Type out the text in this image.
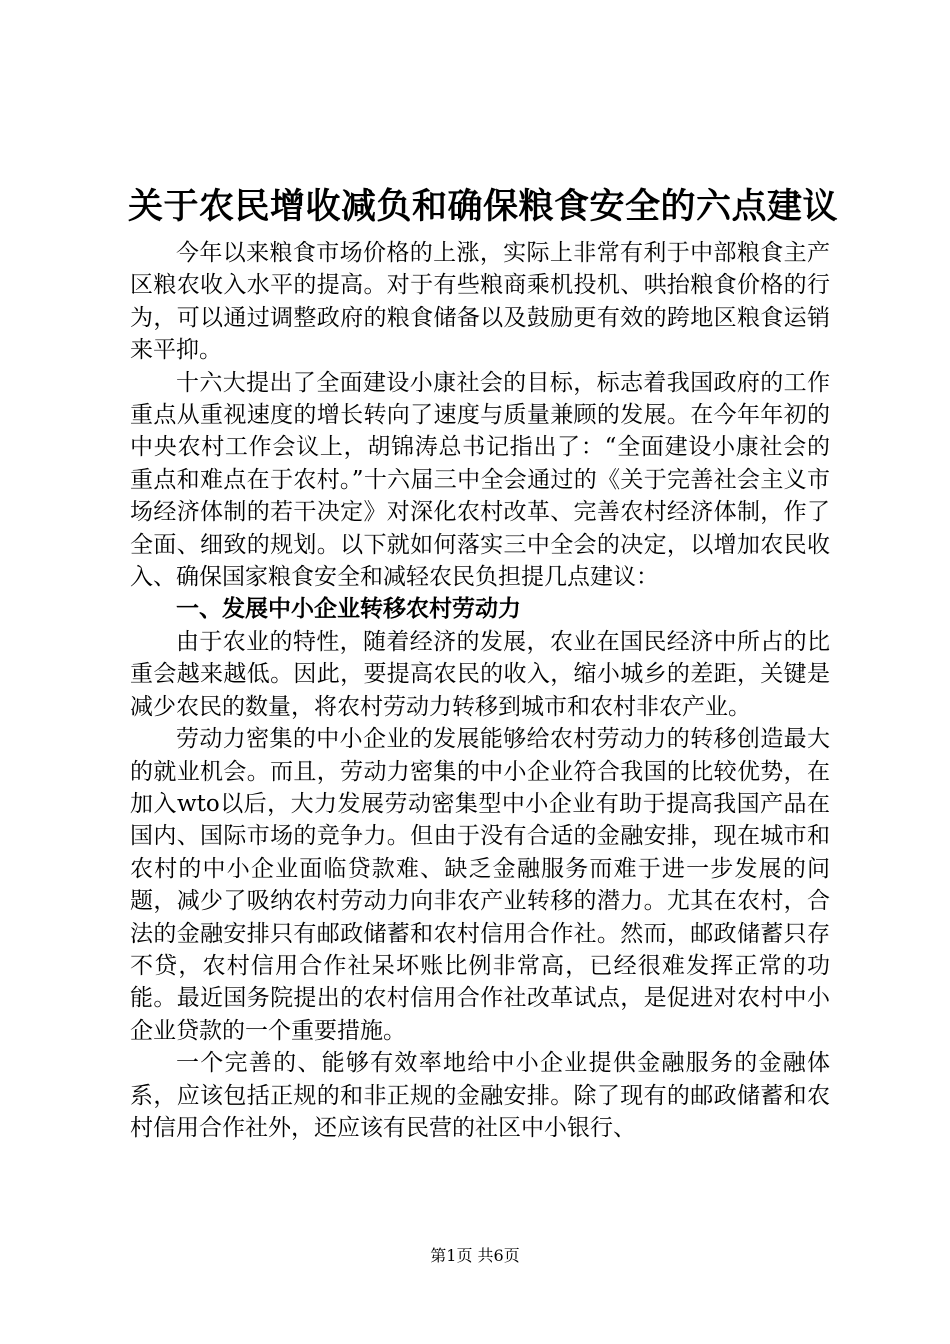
关于农民增收减负和确保粮食安全的六点建议

今年以来粮食市场价格的上涨，实际上非常有利于中部粮食主产区粮农收入水平的提高。对于有些粮商乘机投机、哄抬粮食价格的行为，可以通过调整政府的粮食储备以及鼓励更有效的跨地区粮食运销来平抑。

十六大提出了全面建设小康社会的目标，标志着我国政府的工作重点从重视速度的增长转向了速度与质量兼顾的发展。在今年年初的中央农村工作会议上，胡锦涛总书记指出了：“全面建设小康社会的重点和难点在于农村。”十六届三中全会通过的《关于完善社会主义市场经济体制的若干决定》对深化农村改革、完善农村经济体制，作了全面、细致的规划。以下就如何落实三中全会的决定，以增加农民收入、确保国家粮食安全和减轻农民负担提几点建议：

一、发展中小企业转移农村劳动力

由于农业的特性，随着经济的发展，农业在国民经济中所占的比重会越来越低。因此，要提高农民的收入，缩小城乡的差距，关键是减少农民的数量，将农村劳动力转移到城市和农村非农产业。

劳动力密集的中小企业的发展能够给农村劳动力的转移创造最大的就业机会。而且，劳动力密集的中小企业符合我国的比较优势，在加入wto以后，大力发展劳动密集型中小企业有助于提高我国产品在国内、国际市场的竞争力。但由于没有合适的金融安排，现在城市和农村的中小企业面临贷款难、缺乏金融服务而难于进一步发展的问题，减少了吸纳农村劳动力向非农产业转移的潜力。尤其在农村，合法的金融安排只有邮政储蓄和农村信用合作社。然而，邮政储蓄只存不贷，农村信用合作社呆坏账比例非常高，已经很难发挥正常的功能。最近国务院提出的农村信用合作社改革试点，是促进对农村中小企业贷款的一个重要措施。

一个完善的、能够有效率地给中小企业提供金融服务的金融体系，应该包括正规的和非正规的金融安排。除了现有的邮政储蓄和农村信用合作社外，还应该有民营的社区中小银行、

第1页 共6页
